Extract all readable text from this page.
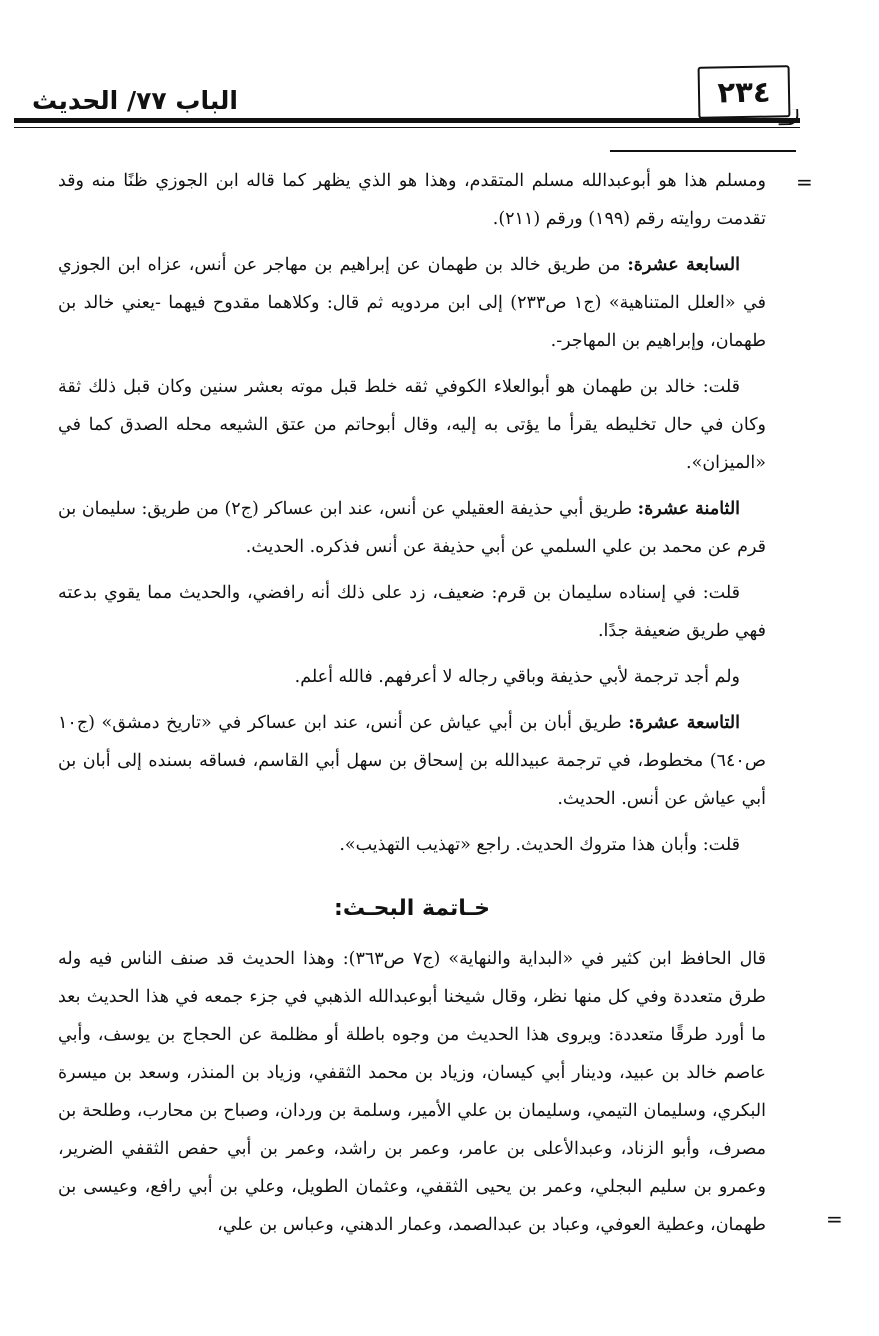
٢٣٤
الباب ٧٧/ الحديث
=

ومسلم هذا هو أبوعبدالله مسلم المتقدم، وهذا هو الذي يظهر كما قاله ابن الجوزي ظنًا منه وقد تقدمت روايته رقم (١٩٩) ورقم (٢١١).

السابعة عشرة: من طريق خالد بن طهمان عن إبراهيم بن مهاجر عن أنس، عزاه ابن الجوزي في «العلل المتناهية» (ج١ ص٢٣٣) إلى ابن مردويه ثم قال: وكلاهما مقدوح فيهما -يعني خالد بن طهمان، وإبراهيم بن المهاجر-.

قلت: خالد بن طهمان هو أبوالعلاء الكوفي ثقه خلط قبل موته بعشر سنين وكان قبل ذلك ثقة وكان في حال تخليطه يقرأ ما يؤتى به إليه، وقال أبوحاتم من عتق الشيعه محله الصدق كما في «الميزان».

الثامنة عشرة: طريق أبي حذيفة العقيلي عن أنس، عند ابن عساكر (ج٢) من طريق: سليمان بن قرم عن محمد بن علي السلمي عن أبي حذيفة عن أنس فذكره. الحديث.

قلت: في إسناده سليمان بن قرم: ضعيف، زد على ذلك أنه رافضي، والحديث مما يقوي بدعته فهي طريق ضعيفة جدًا.

ولم أجد ترجمة لأبي حذيفة وباقي رجاله لا أعرفهم. فالله أعلم.

التاسعة عشرة: طريق أبان بن أبي عياش عن أنس، عند ابن عساكر في «تاريخ دمشق» (ج١٠ ص٦٤٠) مخطوط، في ترجمة عبيدالله بن إسحاق بن سهل أبي القاسم، فساقه بسنده إلى أبان بن أبي عياش عن أنس. الحديث.

قلت: وأبان هذا متروك الحديث. راجع «تهذيب التهذيب».

خـاتمة البحـث:

قال الحافظ ابن كثير في «البداية والنهاية» (ج٧ ص٣٦٣): وهذا الحديث قد صنف الناس فيه وله طرق متعددة وفي كل منها نظر، وقال شيخنا أبوعبدالله الذهبي في جزء جمعه في هذا الحديث بعد ما أورد طرقًا متعددة: ويروى هذا الحديث من وجوه باطلة أو مظلمة عن الحجاج بن يوسف، وأبي عاصم خالد بن عبيد، ودينار أبي كيسان، وزياد بن محمد الثقفي، وزياد بن المنذر، وسعد بن ميسرة البكري، وسليمان التيمي، وسليمان بن علي الأمير، وسلمة بن وردان، وصباح بن محارب، وطلحة بن مصرف، وأبو الزناد، وعبدالأعلى بن عامر، وعمر بن راشد، وعمر بن أبي حفص الثقفي الضرير، وعمرو بن سليم البجلي، وعمر بن يحيى الثقفي، وعثمان الطويل، وعلي بن أبي رافع، وعيسى بن طهمان، وعطية العوفي، وعباد بن عبدالصمد، وعمار الدهني، وعباس بن علي،	=
